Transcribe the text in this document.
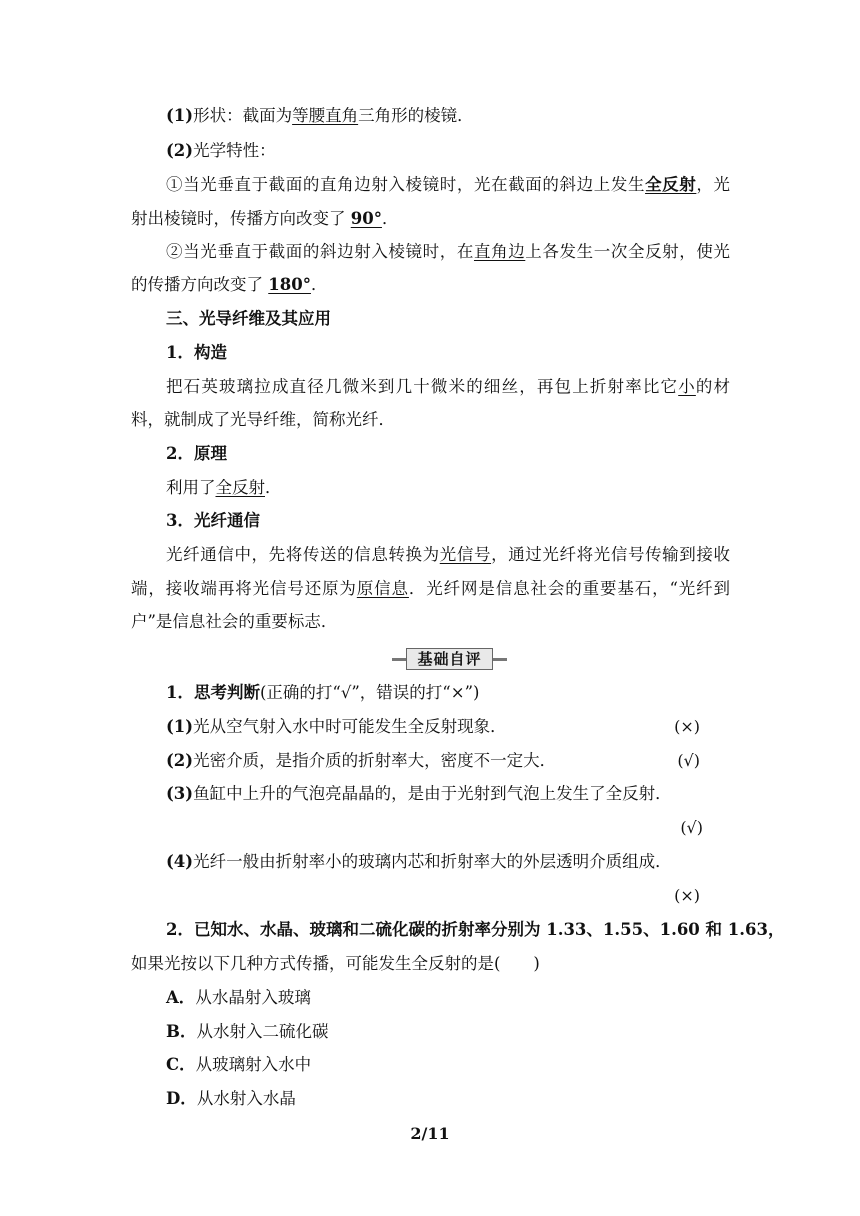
(1)形状：截面为等腰直角三角形的棱镜．
(2)光学特性：
①当光垂直于截面的直角边射入棱镜时，光在截面的斜边上发生全反射，光
射出棱镜时，传播方向改变了 90°．
②当光垂直于截面的斜边射入棱镜时，在直角边上各发生一次全反射，使光
的传播方向改变了 180°．
三、光导纤维及其应用
1．构造
把石英玻璃拉成直径几微米到几十微米的细丝，再包上折射率比它小的材
料，就制成了光导纤维，简称光纤．
2．原理
利用了全反射．
3．光纤通信
光纤通信中，先将传送的信息转换为光信号，通过光纤将光信号传输到接收
端，接收端再将光信号还原为原信息．光纤网是信息社会的重要基石，“光纤到
户”是信息社会的重要标志．
基础自评
1．思考判断(正确的打“√”，错误的打“×”)
(1)光从空气射入水中时可能发生全反射现象．	(×)
(2)光密介质，是指介质的折射率大，密度不一定大．	(√)
(3)鱼缸中上升的气泡亮晶晶的，是由于光射到气泡上发生了全反射．
(√)
(4)光纤一般由折射率小的玻璃内芯和折射率大的外层透明介质组成．
(×)
2．已知水、水晶、玻璃和二硫化碳的折射率分别为 1.33、1.55、1.60 和 1.63，
如果光按以下几种方式传播，可能发生全反射的是(　　)
A．从水晶射入玻璃
B．从水射入二硫化碳
C．从玻璃射入水中
D．从水射入水晶
2/11
